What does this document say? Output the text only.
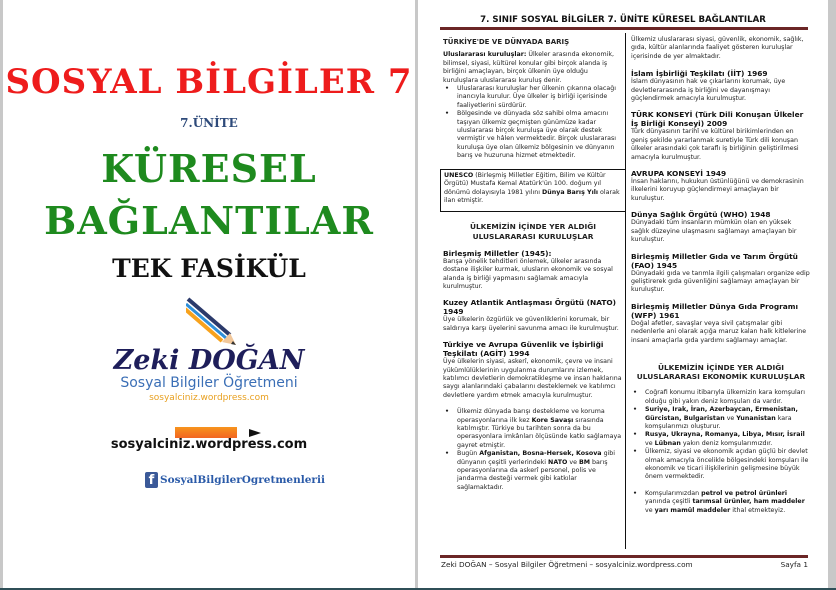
SOSYAL BİLGİLER 7
7.ÜNİTE
KÜRESEL
BAĞLANTILAR
TEK FASİKÜL
Zeki DOĞAN
Sosyal Bilgiler Öğretmeni
sosyalciniz.wordpress.com
sosyalciniz.wordpress.com
f SosyalBilgilerOgretmenlerii
7. SINIF SOSYAL BİLGİLER 7. ÜNİTE KÜRESEL BAĞLANTILAR
TÜRKİYE'DE VE DÜNYADA BARIŞ

Uluslararası kuruluşlar: Ülkeler arasında ekonomik, bilimsel, siyasi, kültürel konular gibi birçok alanda iş birliğini amaçlayan, birçok ülkenin üye olduğu kuruluşlara uluslararası kuruluş denir.

• Uluslararası kuruluşlar her ülkenin çıkarına olacağı inancıyla kurulur. Üye ülkeler iş birliği içerisinde faaliyetlerini sürdürür.
• Bölgesinde ve dünyada söz sahibi olma amacını taşıyan ülkemiz geçmişten günümüze kadar uluslararası birçok kuruluşa üye olarak destek vermiştir ve hâlen vermektedir. Birçok uluslararası kuruluşa üye olan ülkemiz bölgesinin ve dünyanın barış ve huzuruna hizmet etmektedir.
UNESCO (Birleşmiş Milletler Eğitim, Bilim ve Kültür Örgütü) Mustafa Kemal Atatürk'ün 100. doğum yıl dönümü dolayısıyla 1981 yılını Dünya Barış Yılı olarak ilan etmiştir.
ÜLKEMİZİN İÇİNDE YER ALDIĞI
ULUSLARARASI KURULUŞLAR
Birleşmiş Milletler (1945):

Barışa yönelik tehditleri önlemek, ülkeler arasında dostane ilişkiler kurmak, ulusların ekonomik ve sosyal alanda iş birliği yapmasını sağlamak amacıyla kurulmuştur.

Kuzey Atlantik Antlaşması Örgütü (NATO) 1949

Üye ülkelerin özgürlük ve güvenliklerini korumak, bir saldırıya karşı üyelerini savunma amacı ile kurulmuştur.

Türkiye ve Avrupa Güvenlik ve İşbirliği Teşkilatı (AGİT) 1994

Üye ülkelerin siyasi, askerî, ekonomik, çevre ve insani yükümlülüklerinin uygulanma durumlarını izlemek, katılımcı devletlerin demokratikleşme ve insan haklarına saygı alanlarındaki çabalarını desteklemek ve katılımcı devletlere yardım etmek amacıyla kurulmuştur.

• Ülkemiz dünyada barışı destekleme ve koruma operasyonlarına ilk kez Kore Savaşı sırasında katılmıştır. Türkiye bu tarihten sonra da bu operasyonlara imkânları ölçüsünde katkı sağlamaya gayret etmiştir.
• Bugün Afganistan, Bosna-Hersek, Kosova gibi dünyanın çeşitli yerlerindeki NATO ve BM barış operasyonlarına da askerî personel, polis ve jandarma desteği vermek gibi katkılar sağlamaktadır.

Ülkemiz uluslararası siyasi, güvenlik, ekonomik, sağlık, gıda, kültür alanlarında faaliyet gösteren kuruluşlar içerisinde de yer almaktadır.

İslam İşbirliği Teşkilatı (İİT) 1969

İslam dünyasının hak ve çıkarlarını korumak, üye devletlerarasında iş birliğini ve dayanışmayı güçlendirmek amacıyla kurulmuştur.

TÜRK KONSEYİ (Türk Dili Konuşan Ülkeler İş Birliği Konseyi) 2009

Türk dünyasının tarihî ve kültürel birikimlerinden en geniş şekilde yararlanmak suretiyle Türk dili konuşan ülkeler arasındaki çok taraflı iş birliğinin geliştirilmesi amacıyla kurulmuştur.

AVRUPA KONSEYİ 1949

İnsan haklarını, hukukun üstünlüğünü ve demokrasinin ilkelerini koruyup güçlendirmeyi amaçlayan bir kuruluştur.

Dünya Sağlık Örgütü (WHO) 1948

Dünyadaki tüm insanların mümkün olan en yüksek sağlık düzeyine ulaşmasını sağlamayı amaçlayan bir kuruluştur.

Birleşmiş Milletler Gıda ve Tarım Örgütü (FAO) 1945

Dünyadaki gıda ve tarımla ilgili çalışmaları organize edip geliştirerek gıda güvenliğini sağlamayı amaçlayan bir kuruluştur.

Birleşmiş Milletler Dünya Gıda Programı (WFP) 1961

Doğal afetler, savaşlar veya sivil çatışmalar gibi nedenlerle ani olarak açığa maruz kalan halk kitlelerine insani amaçlarla gıda yardımı sağlamayı amaçlar.

ÜLKEMİZİN İÇİNDE YER ALDIĞI
ULUSLARARASI EKONOMİK KURULUŞLAR
• Coğrafi konumu itibarıyla ülkemizin kara komşuları olduğu gibi yakın deniz komşuları da vardır.
• Suriye, Irak, İran, Azerbaycan, Ermenistan, Gürcistan, Bulgaristan ve Yunanistan kara komşularımızı oluşturur.
• Rusya, Ukrayna, Romanya, Libya, Mısır, İsrail ve Lübnan yakın deniz komşularımızdır.
• Ülkemiz, siyasi ve ekonomik açıdan güçlü bir devlet olmak amacıyla öncelikle bölgesindeki komşuları ile ekonomik ve ticari ilişkilerinin gelişmesine büyük önem vermektedir.
• Komşularımızdan petrol ve petrol ürünleri yanında çeşitli tarımsal ürünler, ham maddeler ve yarı mamül maddeler ithal etmekteyiz.
Zeki DOĞAN – Sosyal Bilgiler Öğretmeni – sosyalciniz.wordpress.com	Sayfa 1
